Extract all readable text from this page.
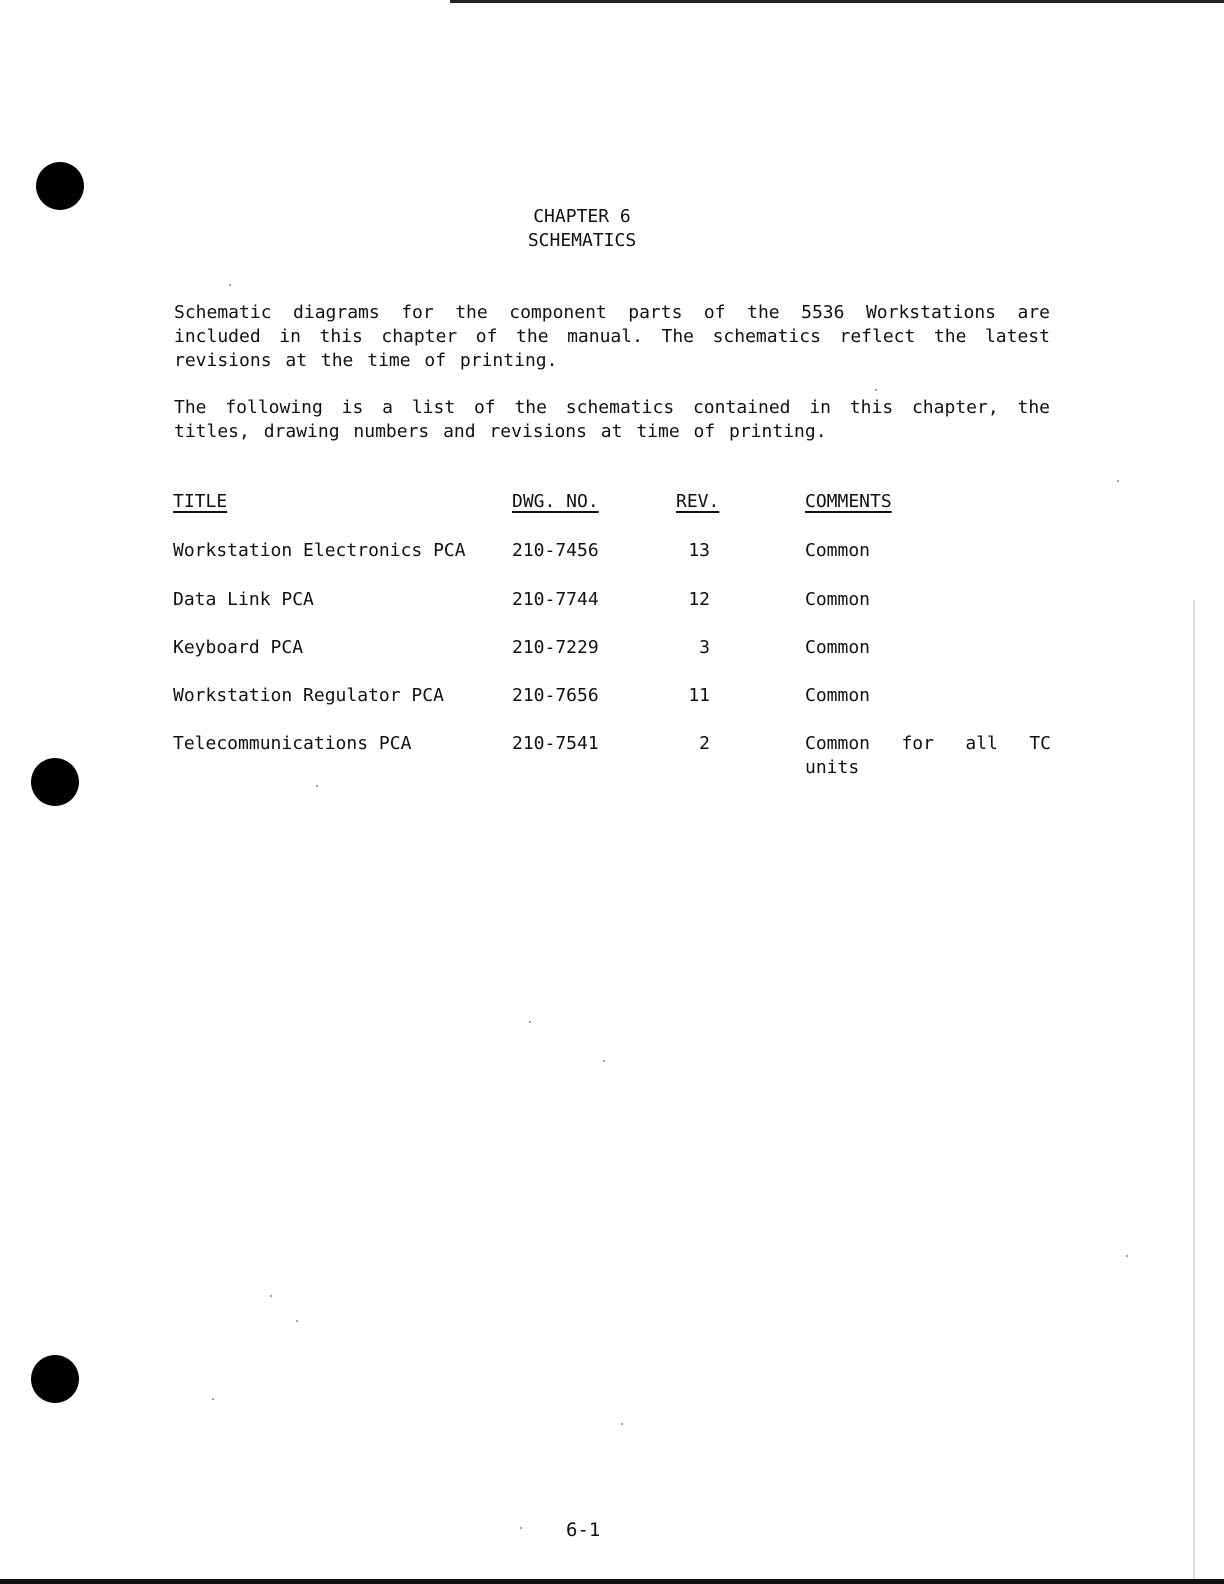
CHAPTER 6
SCHEMATICS

Schematic diagrams for the component parts of the 5536 Workstations are included in this chapter of the manual. The schematics reflect the latest revisions at the time of printing.

The following is a list of the schematics contained in this chapter, the titles, drawing numbers and revisions at time of printing.

TITLE	DWG. NO.	REV.	COMMENTS
Workstation Electronics PCA	210-7456	13	Common
Data Link PCA	210-7744	12	Common
Keyboard PCA	210-7229	3	Common
Workstation Regulator PCA	210-7656	11	Common
Telecommunications PCA	210-7541	2	Common for all TC units
6-1
